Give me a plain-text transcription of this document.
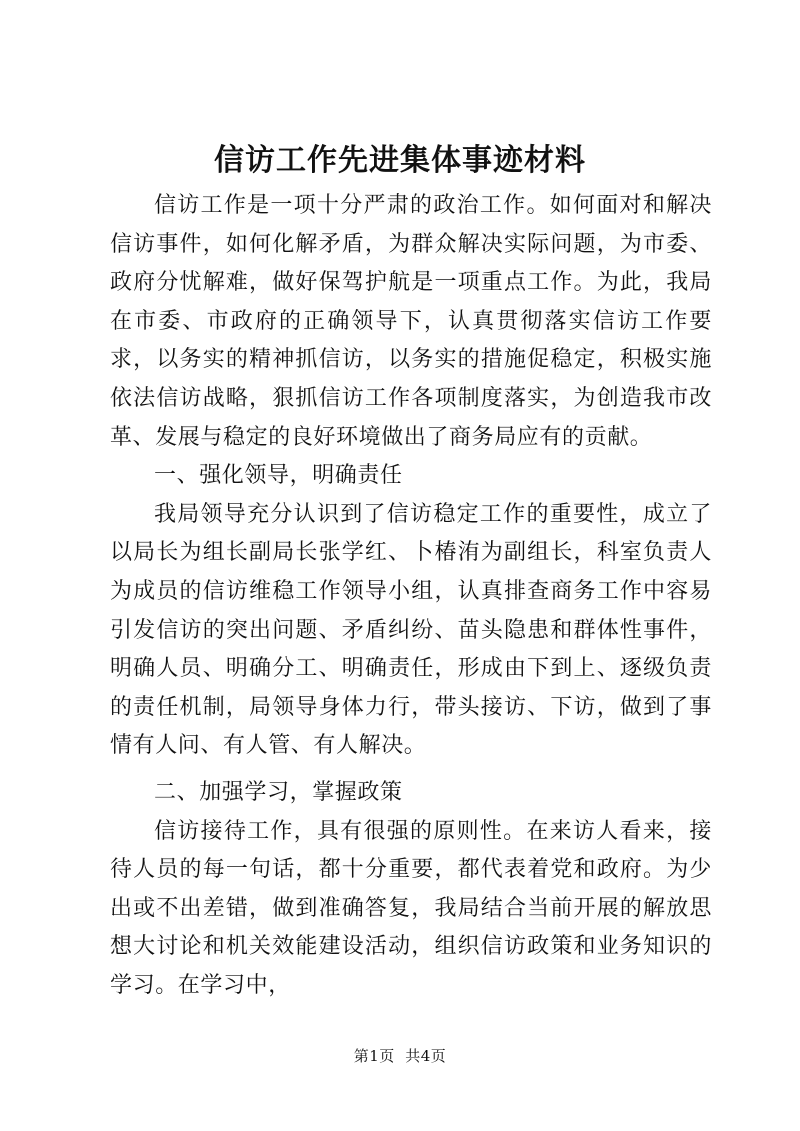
信访工作先进集体事迹材料

信访工作是一项十分严肃的政治工作。如何面对和解决信访事件，如何化解矛盾，为群众解决实际问题，为市委、政府分忧解难，做好保驾护航是一项重点工作。为此，我局在市委、市政府的正确领导下，认真贯彻落实信访工作要求，以务实的精神抓信访，以务实的措施促稳定，积极实施依法信访战略，狠抓信访工作各项制度落实，为创造我市改革、发展与稳定的良好环境做出了商务局应有的贡献。

一、强化领导，明确责任

我局领导充分认识到了信访稳定工作的重要性，成立了以局长为组长副局长张学红、卜椿洧为副组长，科室负责人为成员的信访维稳工作领导小组，认真排查商务工作中容易引发信访的突出问题、矛盾纠纷、苗头隐患和群体性事件，明确人员、明确分工、明确责任，形成由下到上、逐级负责的责任机制，局领导身体力行，带头接访、下访，做到了事情有人问、有人管、有人解决。

二、加强学习，掌握政策

信访接待工作，具有很强的原则性。在来访人看来，接待人员的每一句话，都十分重要，都代表着党和政府。为少出或不出差错，做到准确答复，我局结合当前开展的解放思想大讨论和机关效能建设活动，组织信访政策和业务知识的学习。在学习中，

第1页  共4页
